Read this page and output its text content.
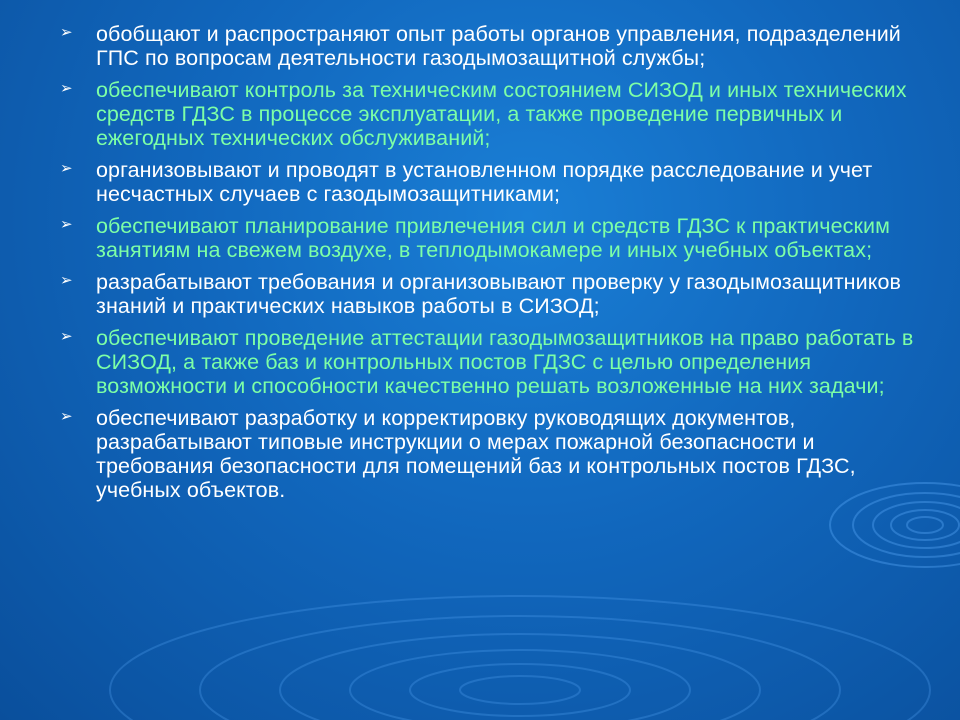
➢ обобщают и распространяют опыт работы органов управления, подразделений ГПС по вопросам деятельности газодымозащитной службы;
➢ обеспечивают контроль за техническим состоянием СИЗОД и иных технических средств ГДЗС в процессе эксплуатации, а также проведение первичных и ежегодных технических обслуживаний;
➢ организовывают и проводят в установленном порядке расследование и учет несчастных случаев с газодымозащитниками;
➢ обеспечивают планирование привлечения сил и средств ГДЗС к практическим занятиям на свежем воздухе, в теплодымокамере и иных учебных объектах;
➢ разрабатывают требования и организовывают проверку у газодымозащитников знаний и практических навыков работы в СИЗОД;
➢ обеспечивают проведение аттестации газодымозащитников на право работать в СИЗОД, а также баз и контрольных постов ГДЗС с целью определения возможности и способности качественно решать возложенные на них задачи;
➢ обеспечивают разработку и корректировку руководящих документов, разрабатывают типовые инструкции о мерах пожарной безопасности и требования безопасности для помещений баз и контрольных постов ГДЗС, учебных объектов.
